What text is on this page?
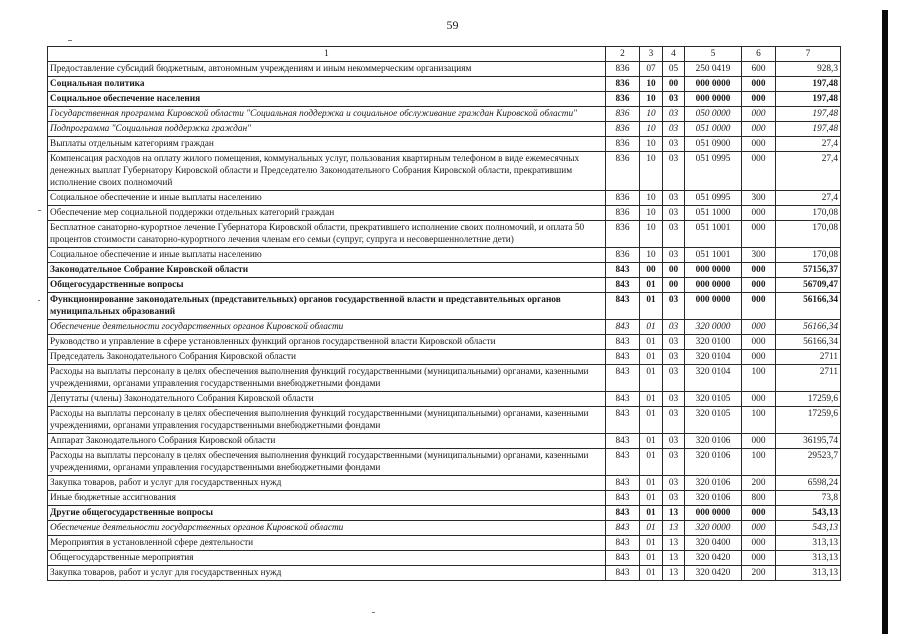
59
1	2	3	4	5	6	7
Предоставление субсидий бюджетным, автономным учреждениям и иным некоммерческим организациям	836	07	05	250 0419	600	928,3
Социальная политика	836	10	00	000 0000	000	197,48
Социальное обеспечение населения	836	10	03	000 0000	000	197,48
Государственная программа Кировской области "Социальная поддержка и социальное обслуживание граждан Кировской области"	836	10	03	050 0000	000	197,48
Подпрограмма "Социальная поддержка граждан"	836	10	03	051 0000	000	197,48
Выплаты отдельным категориям граждан	836	10	03	051 0900	000	27,4
Компенсация расходов на оплату жилого помещения, коммунальных услуг, пользования квартирным телефоном в виде ежемесячных денежных выплат Губернатору Кировской области и Председателю Законодательного Собрания Кировской области, прекратившим исполнение своих полномочий	836	10	03	051 0995	000	27,4
Социальное обеспечение и иные выплаты населению	836	10	03	051 0995	300	27,4
Обеспечение мер социальной поддержки отдельных категорий граждан	836	10	03	051 1000	000	170,08
Бесплатное санаторно-курортное лечение Губернатора Кировской области, прекратившего исполнение своих полномочий, и оплата 50 процентов стоимости санаторно-курортного лечения членам его семьи (супруг, супруга и несовершеннолетние дети)	836	10	03	051 1001	000	170,08
Социальное обеспечение и иные выплаты населению	836	10	03	051 1001	300	170,08
Законодательное Собрание Кировской области	843	00	00	000 0000	000	57156,37
Общегосударственные вопросы	843	01	00	000 0000	000	56709,47
Функционирование законодательных (представительных) органов государственной власти и представительных органов муниципальных образований	843	01	03	000 0000	000	56166,34
Обеспечение деятельности государственных органов Кировской области	843	01	03	320 0000	000	56166,34
Руководство и управление в сфере установленных функций органов государственной власти Кировской области	843	01	03	320 0100	000	56166,34
Председатель Законодательного Собрания Кировской области	843	01	03	320 0104	000	2711
Расходы на выплаты персоналу в целях обеспечения выполнения функций государственными (муниципальными) органами, казенными учреждениями, органами управления государственными внебюджетными фондами	843	01	03	320 0104	100	2711
Депутаты (члены) Законодательного Собрания Кировской области	843	01	03	320 0105	000	17259,6
Расходы на выплаты персоналу в целях обеспечения выполнения функций государственными (муниципальными) органами, казенными учреждениями, органами управления государственными внебюджетными фондами	843	01	03	320 0105	100	17259,6
Аппарат Законодательного Собрания Кировской области	843	01	03	320 0106	000	36195,74
Расходы на выплаты персоналу в целях обеспечения выполнения функций государственными (муниципальными) органами, казенными учреждениями, органами управления государственными внебюджетными фондами	843	01	03	320 0106	100	29523,7
Закупка товаров, работ и услуг для государственных нужд	843	01	03	320 0106	200	6598,24
Иные бюджетные ассигнования	843	01	03	320 0106	800	73,8
Другие общегосударственные вопросы	843	01	13	000 0000	000	543,13
Обеспечение деятельности государственных органов Кировской области	843	01	13	320 0000	000	543,13
Мероприятия в установленной сфере деятельности	843	01	13	320 0400	000	313,13
Общегосударственные мероприятия	843	01	13	320 0420	000	313,13
Закупка товаров, работ и услуг для государственных нужд	843	01	13	320 0420	200	313,13
